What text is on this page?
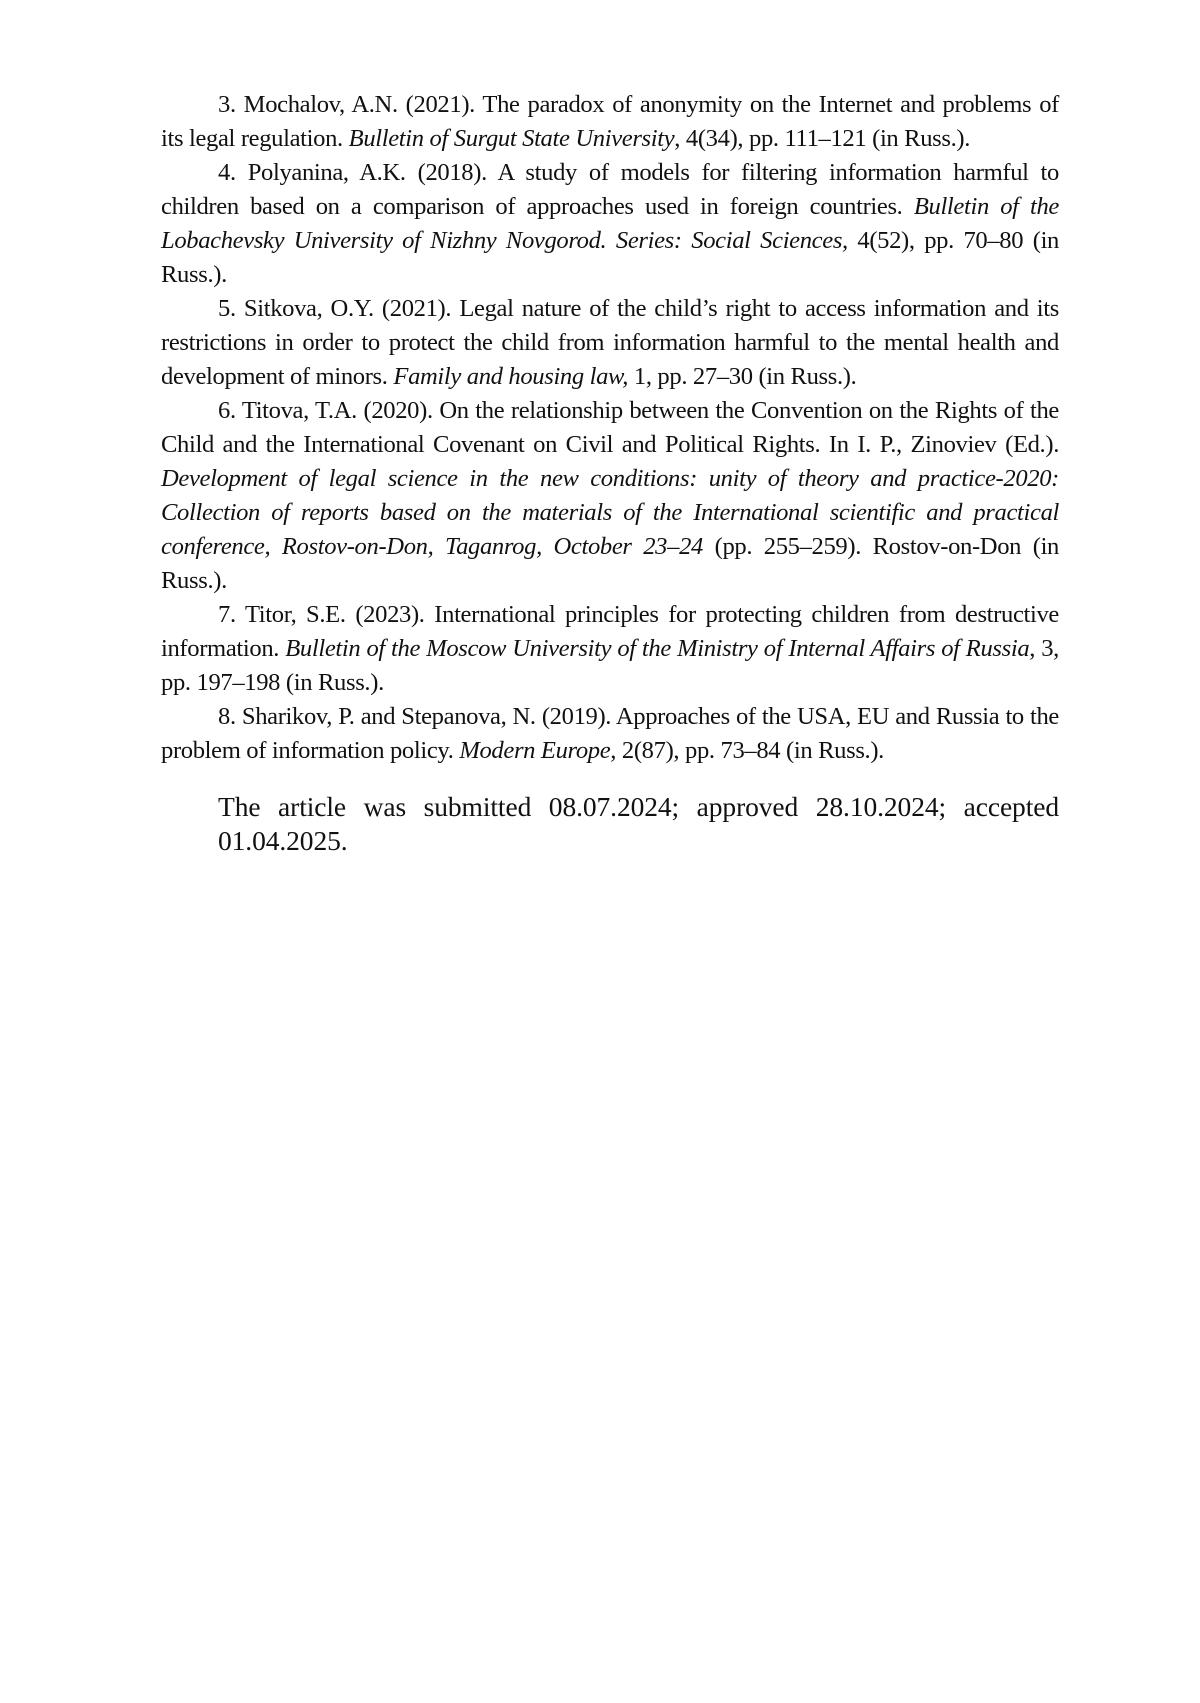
3. Mochalov, A.N. (2021). The paradox of anonymity on the Internet and problems of its legal regulation. Bulletin of Surgut State University, 4(34), pp. 111–121 (in Russ.).

4. Polyanina, A.K. (2018). A study of models for filtering information harmful to children based on a comparison of approaches used in foreign countries. Bulletin of the Lobachevsky University of Nizhny Novgorod. Series: Social Sciences, 4(52), pp. 70–80 (in Russ.).

5. Sitkova, O.Y. (2021). Legal nature of the child’s right to access information and its restrictions in order to protect the child from information harmful to the mental health and development of minors. Family and housing law, 1, pp. 27–30 (in Russ.).

6. Titova, T.A. (2020). On the relationship between the Convention on the Rights of the Child and the International Covenant on Civil and Political Rights. In I. P., Zinoviev (Ed.). Development of legal science in the new conditions: unity of theory and practice-2020: Collection of reports based on the materials of the International scien­tific and practical conference, Rostov-on-Don, Taganrog, October 23–24 (pp. 255–259). Rostov-on-Don (in Russ.).

7. Titor, S.E. (2023). International principles for protecting children from de­structive information. Bulletin of the Moscow University of the Ministry of Internal Affairs of Russia, 3, pp. 197–198 (in Russ.).

8. Sharikov, P. and Stepanova, N. (2019). Approaches of the USA, EU and Rus­sia to the problem of information policy. Modern Europe, 2(87), pp. 73–84 (in Russ.).

The article was submitted 08.07.2024; approved 28.10.2024; accepted 01.04.2025.
